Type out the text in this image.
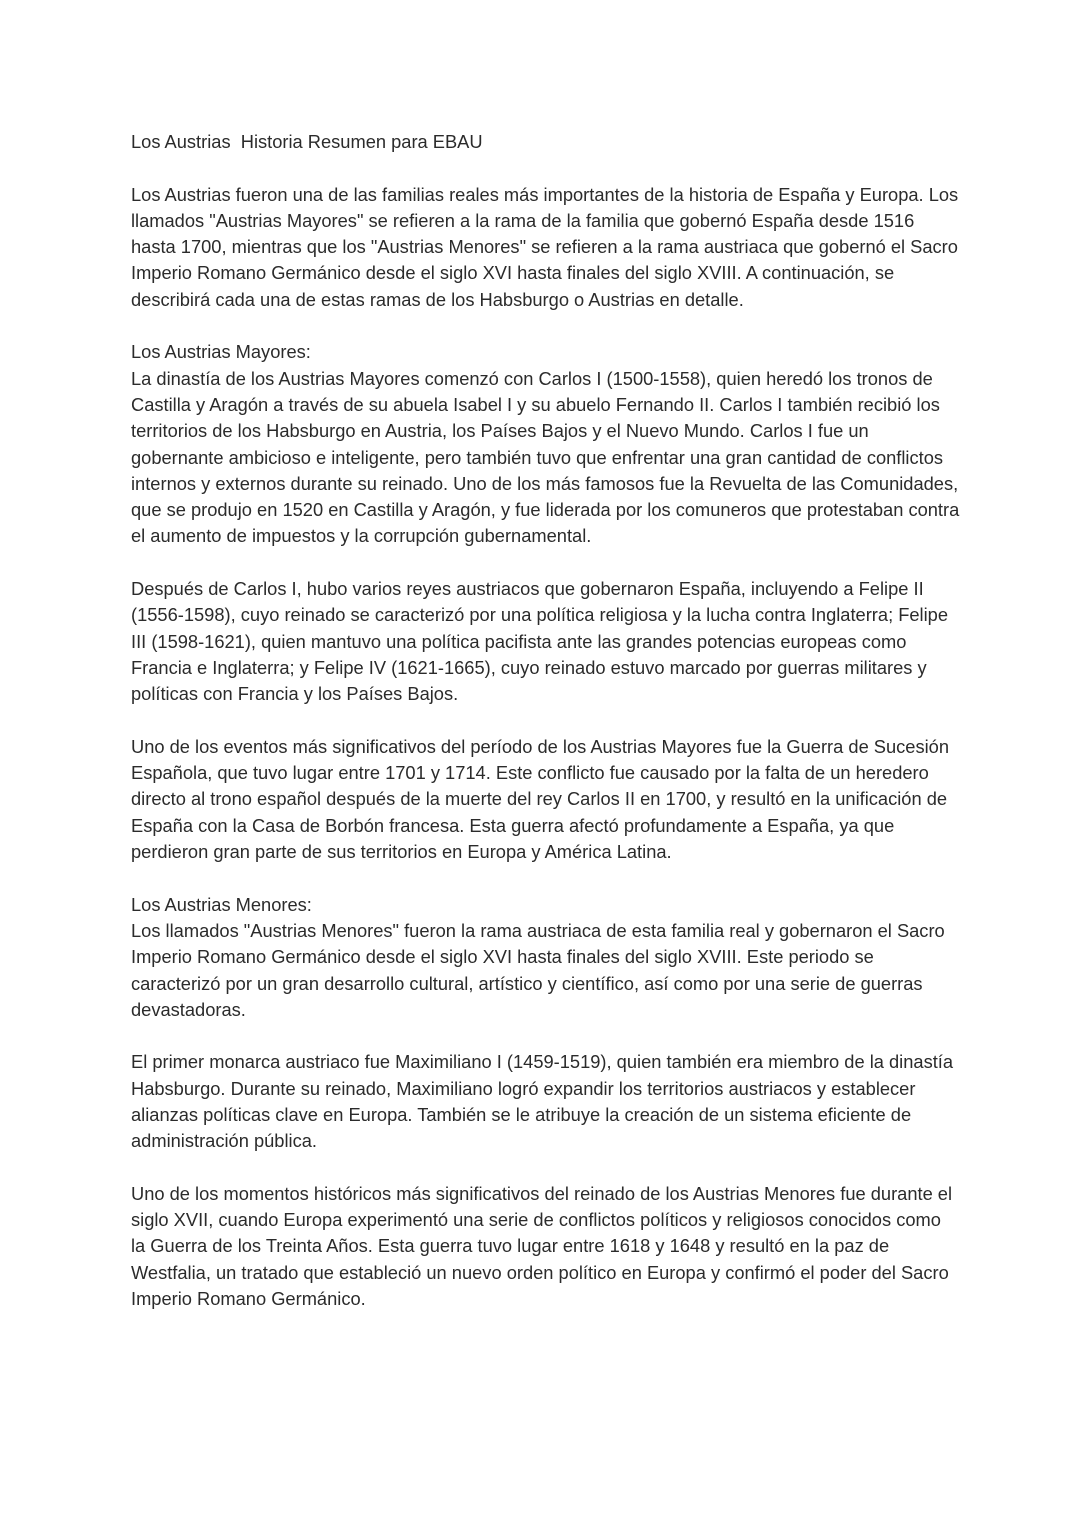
Los Austrias  Historia Resumen para EBAU

Los Austrias fueron una de las familias reales más importantes de la historia de España y Europa. Los llamados "Austrias Mayores" se refieren a la rama de la familia que gobernó España desde 1516 hasta 1700, mientras que los "Austrias Menores" se refieren a la rama austriaca que gobernó el Sacro Imperio Romano Germánico desde el siglo XVI hasta finales del siglo XVIII. A continuación, se describirá cada una de estas ramas de los Habsburgo o Austrias en detalle.

Los Austrias Mayores:
La dinastía de los Austrias Mayores comenzó con Carlos I (1500-1558), quien heredó los tronos de Castilla y Aragón a través de su abuela Isabel I y su abuelo Fernando II. Carlos I también recibió los territorios de los Habsburgo en Austria, los Países Bajos y el Nuevo Mundo. Carlos I fue un gobernante ambicioso e inteligente, pero también tuvo que enfrentar una gran cantidad de conflictos internos y externos durante su reinado. Uno de los más famosos fue la Revuelta de las Comunidades, que se produjo en 1520 en Castilla y Aragón, y fue liderada por los comuneros que protestaban contra el aumento de impuestos y la corrupción gubernamental.

Después de Carlos I, hubo varios reyes austriacos que gobernaron España, incluyendo a Felipe II (1556-1598), cuyo reinado se caracterizó por una política religiosa y la lucha contra Inglaterra; Felipe III (1598-1621), quien mantuvo una política pacifista ante las grandes potencias europeas como Francia e Inglaterra; y Felipe IV (1621-1665), cuyo reinado estuvo marcado por guerras militares y políticas con Francia y los Países Bajos.

Uno de los eventos más significativos del período de los Austrias Mayores fue la Guerra de Sucesión Española, que tuvo lugar entre 1701 y 1714. Este conflicto fue causado por la falta de un heredero directo al trono español después de la muerte del rey Carlos II en 1700, y resultó en la unificación de España con la Casa de Borbón francesa. Esta guerra afectó profundamente a España, ya que perdieron gran parte de sus territorios en Europa y América Latina.

Los Austrias Menores:
Los llamados "Austrias Menores" fueron la rama austriaca de esta familia real y gobernaron el Sacro Imperio Romano Germánico desde el siglo XVI hasta finales del siglo XVIII. Este periodo se caracterizó por un gran desarrollo cultural, artístico y científico, así como por una serie de guerras devastadoras.

El primer monarca austriaco fue Maximiliano I (1459-1519), quien también era miembro de la dinastía Habsburgo. Durante su reinado, Maximiliano logró expandir los territorios austriacos y establecer alianzas políticas clave en Europa. También se le atribuye la creación de un sistema eficiente de administración pública.

Uno de los momentos históricos más significativos del reinado de los Austrias Menores fue durante el siglo XVII, cuando Europa experimentó una serie de conflictos políticos y religiosos conocidos como la Guerra de los Treinta Años. Esta guerra tuvo lugar entre 1618 y 1648 y resultó en la paz de Westfalia, un tratado que estableció un nuevo orden político en Europa y confirmó el poder del Sacro Imperio Romano Germánico.
